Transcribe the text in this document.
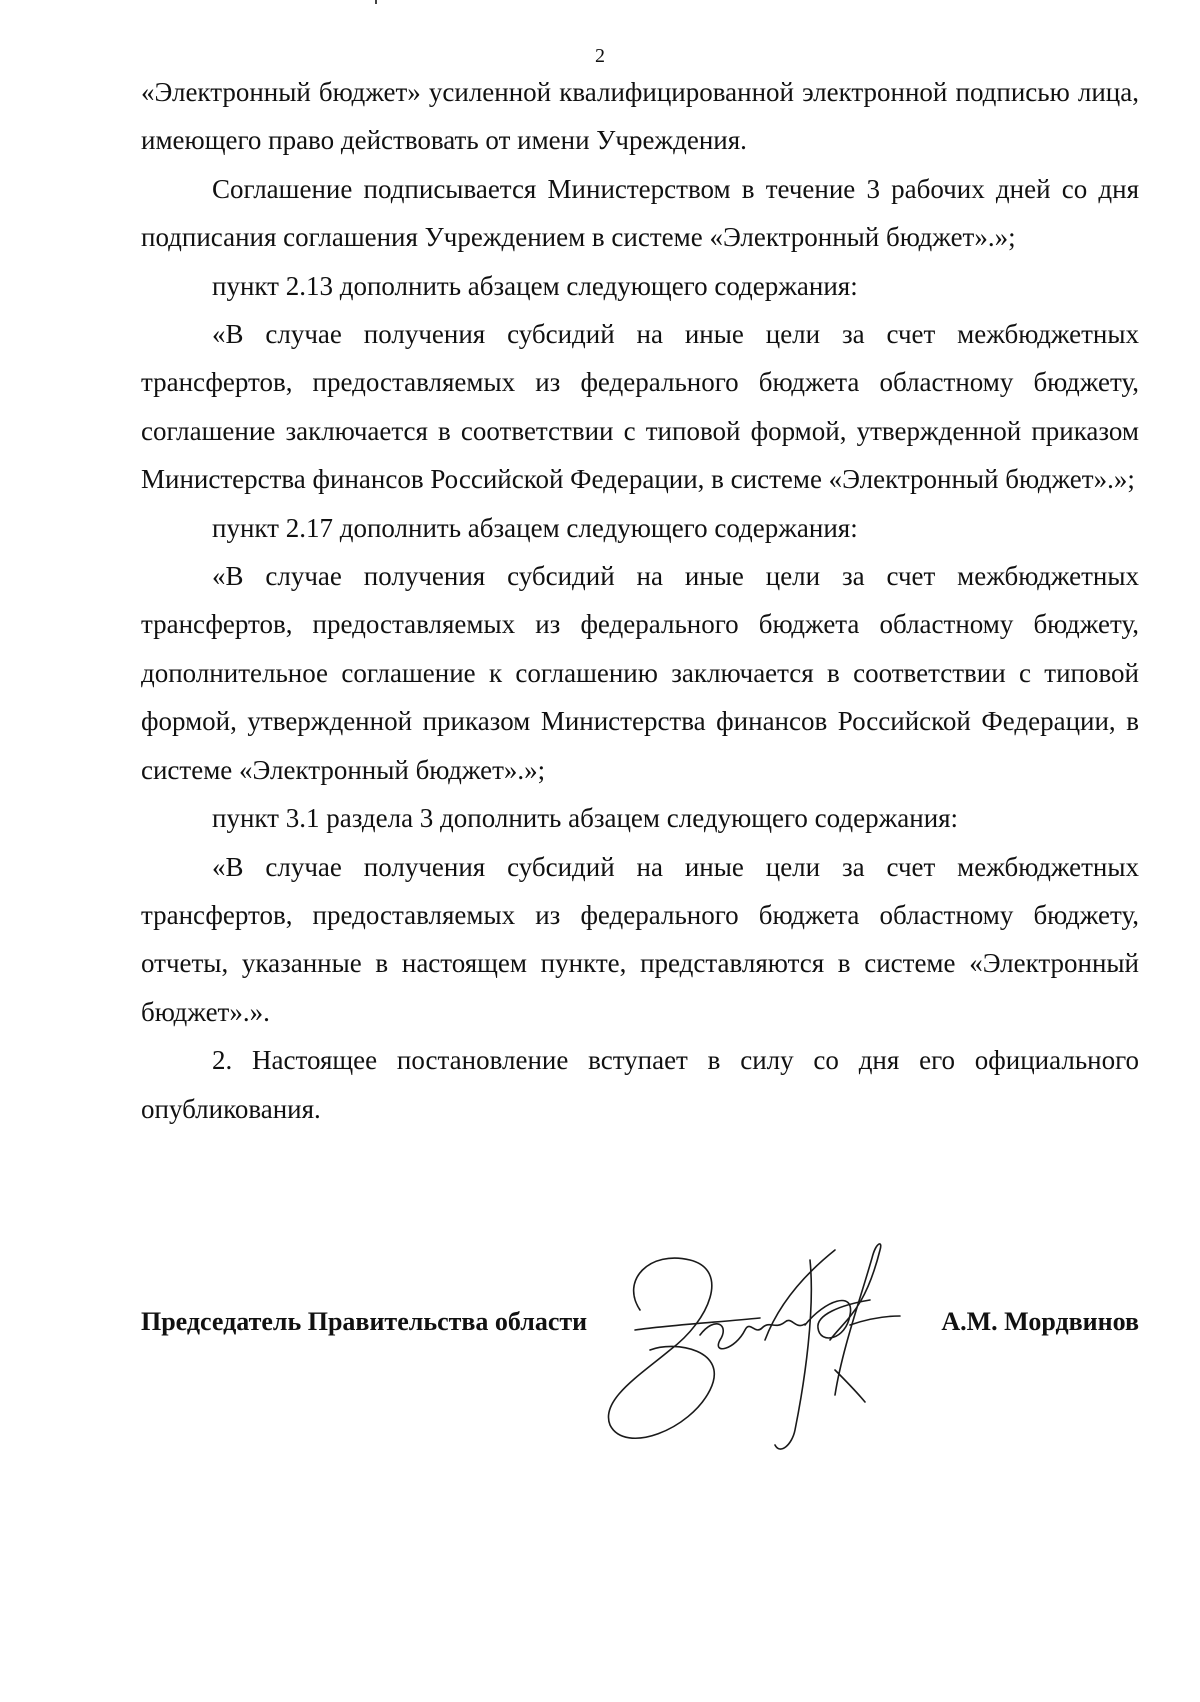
2

«Электронный бюджет» усиленной квалифицированной электронной подписью лица, имеющего право действовать от имени Учреждения.

Соглашение подписывается Министерством в течение 3 рабочих дней со дня подписания соглашения Учреждением в системе «Электронный бюджет».»;

пункт 2.13 дополнить абзацем следующего содержания:

«В случае получения субсидий на иные цели за счет межбюджетных трансфертов, предоставляемых из федерального бюджета областному бюджету, соглашение заключается в соответствии с типовой формой, утвержденной приказом Министерства финансов Российской Федерации, в системе «Электронный бюджет».»;

пункт 2.17 дополнить абзацем следующего содержания:

«В случае получения субсидий на иные цели за счет межбюджетных трансфертов, предоставляемых из федерального бюджета областному бюджету, дополнительное соглашение к соглашению заключается в соответствии с типовой формой, утвержденной приказом Министерства финансов Российской Федерации, в системе «Электронный бюджет».»;

пункт 3.1 раздела 3 дополнить абзацем следующего содержания:

«В случае получения субсидий на иные цели за счет межбюджетных трансфертов, предоставляемых из федерального бюджета областному бюджету, отчеты, указанные в настоящем пункте, представляются в системе «Электронный бюджет».».

2. Настоящее постановление вступает в силу со дня его официального опубликования.

Председатель Правительства области	А.М. Мордвинов
